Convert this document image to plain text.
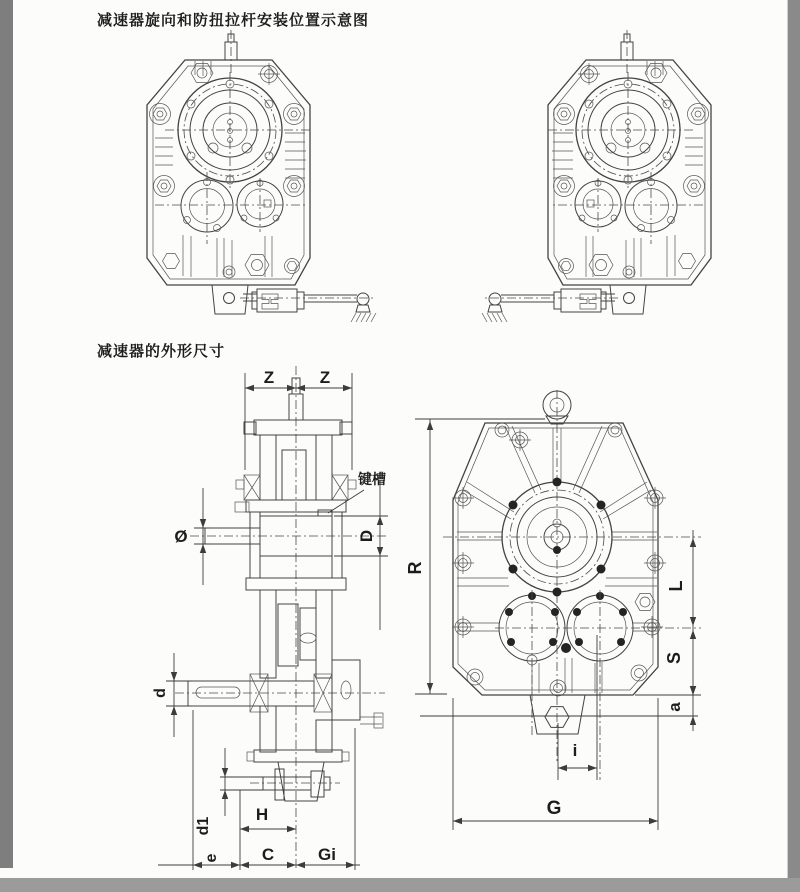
减速器旋向和防扭拉杆安装位置示意图
减速器的外形尺寸
Z	Z
键槽
Ø	D
d
d1
H
e C	Gi
R
L
S
a
i
G
